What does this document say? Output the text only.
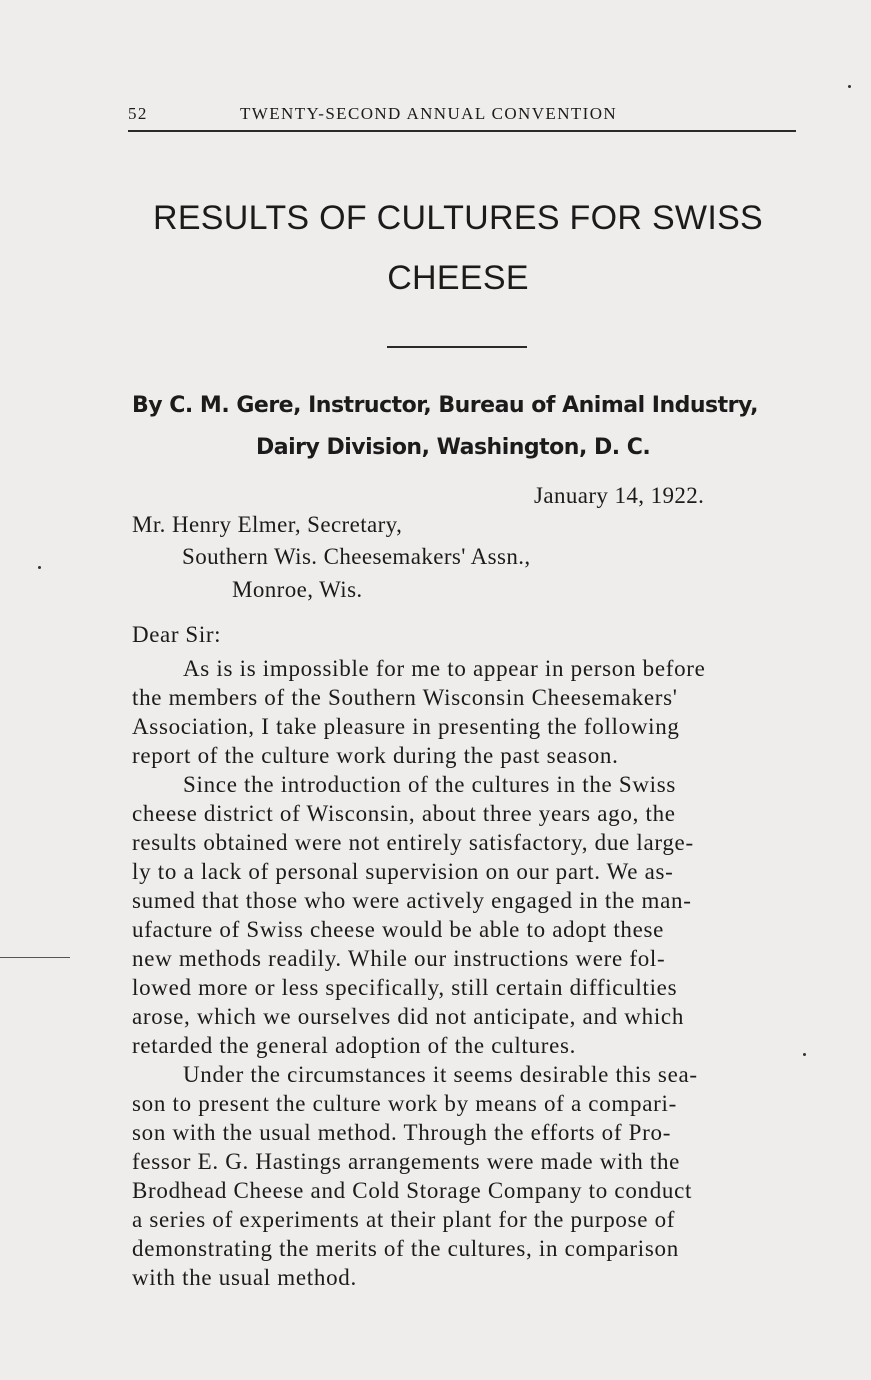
52	TWENTY-SECOND ANNUAL CONVENTION
RESULTS OF CULTURES FOR SWISS
CHEESE
By C. M. Gere, Instructor, Bureau of Animal Industry,
Dairy Division, Washington, D. C.
January 14, 1922.
Mr. Henry Elmer, Secretary,
Southern Wis. Cheesemakers' Assn.,
Monroe, Wis.
Dear Sir:
As is is impossible for me to appear in person before
the members of the Southern Wisconsin Cheesemakers'
Association, I take pleasure in presenting the following
report of the culture work during the past season.
Since the introduction of the cultures in the Swiss
cheese district of Wisconsin, about three years ago, the
results obtained were not entirely satisfactory, due large-
ly to a lack of personal supervision on our part. We as-
sumed that those who were actively engaged in the man-
ufacture of Swiss cheese would be able to adopt these
new methods readily. While our instructions were fol-
lowed more or less specifically, still certain difficulties
arose, which we ourselves did not anticipate, and which
retarded the general adoption of the cultures.
Under the circumstances it seems desirable this sea-
son to present the culture work by means of a compari-
son with the usual method. Through the efforts of Pro-
fessor E. G. Hastings arrangements were made with the
Brodhead Cheese and Cold Storage Company to conduct
a series of experiments at their plant for the purpose of
demonstrating the merits of the cultures, in comparison
with the usual method.
